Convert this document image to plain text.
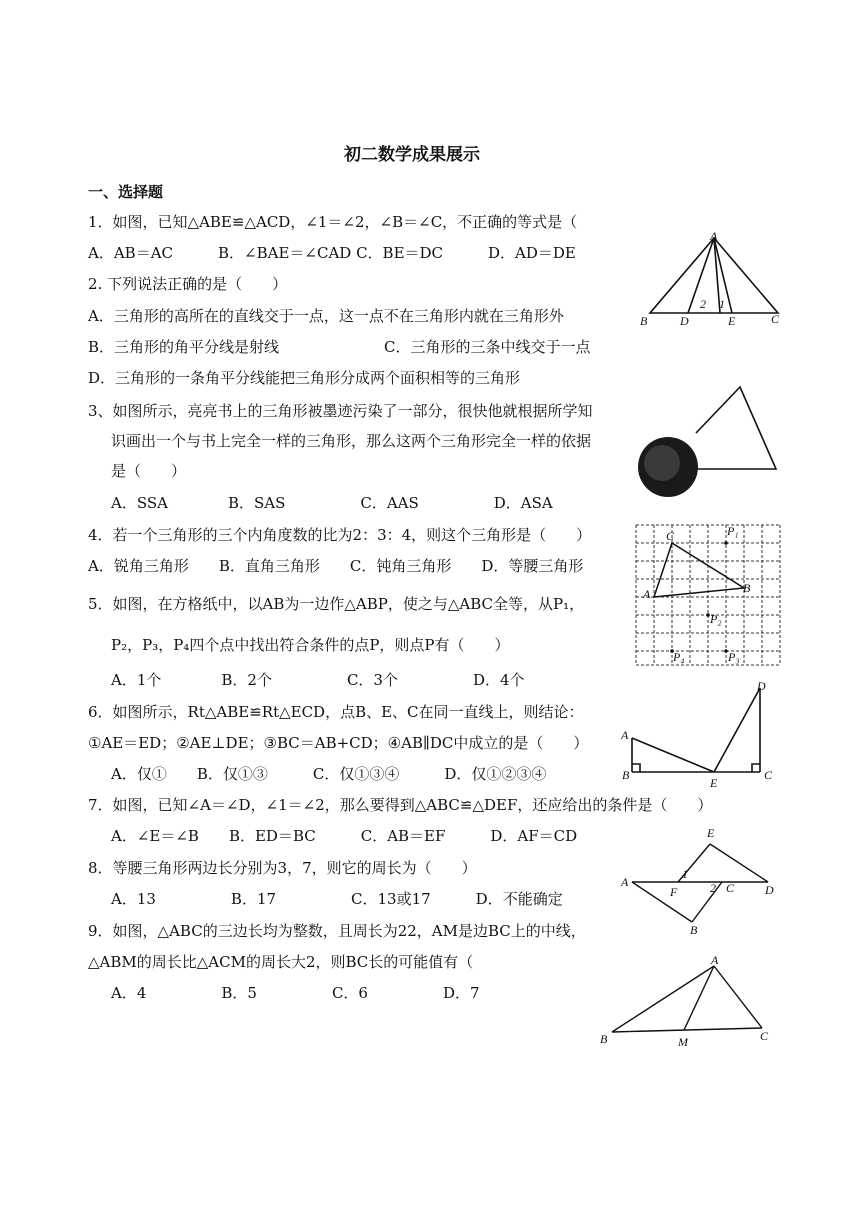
初二数学成果展示
一、选择题
1．如图，已知△ABE≌△ACD，∠1＝∠2，∠B＝∠C，不正确的等式是（
A．AB＝AC　　　B．∠BAE＝∠CAD C．BE＝DC　　　D．AD＝DE
2. 下列说法正确的是（　　）
A．三角形的高所在的直线交于一点，这一点不在三角形内就在三角形外
B．三角形的角平分线是射线　　　　　　　C．三角形的三条中线交于一点
D．三角形的一条角平分线能把三角形分成两个面积相等的三角形
3、如图所示，亮亮书上的三角形被墨迹污染了一部分，很快他就根据所学知
识画出一个与书上完全一样的三角形，那么这两个三角形完全一样的依据
是（　　）
A．SSA　　　　B．SAS　　　　　C．AAS　　　　　D．ASA
4．若一个三角形的三个内角度数的比为2：3：4，则这个三角形是（　　）
A．锐角三角形　　B．直角三角形　　C．钝角三角形　　D．等腰三角形
5．如图，在方格纸中，以AB为一边作△ABP，使之与△ABC全等，从P₁，
P₂，P₃，P₄四个点中找出符合条件的点P，则点P有（　　）
A．1个　　　　B．2个　　　　　C．3个　　　　　D．4个
6．如图所示，Rt△ABE≌Rt△ECD，点B、E、C在同一直线上，则结论：
①AE＝ED；②AE⊥DE；③BC＝AB+CD；④AB∥DC中成立的是（　　）
A．仅①　　B．仅①③　　　C．仅①③④　　　D．仅①②③④
7．如图，已知∠A＝∠D，∠1＝∠2，那么要得到△ABC≌△DEF，还应给出的条件是（　　）
A．∠E＝∠B　　B．ED＝BC　　　C．AB＝EF　　　D．AF＝CD
8．等腰三角形两边长分别为3，7，则它的周长为（　　）
A．13　　　　　B．17　　　　　C．13或17　　　D．不能确定
9．如图，△ABC的三边长均为整数，且周长为22，AM是边BC上的中线，
△ABM的周长比△ACM的周长大2，则BC长的可能值有（
A．4　　　　　B．5　　　　　C．6　　　　　D．7
A
B	D
2 1
E	C
C	P₁
A	B
P₂
P₄	P₃
D
A
B
E
C
E
A
F
1
2 C	D
B
A
B	M	C
